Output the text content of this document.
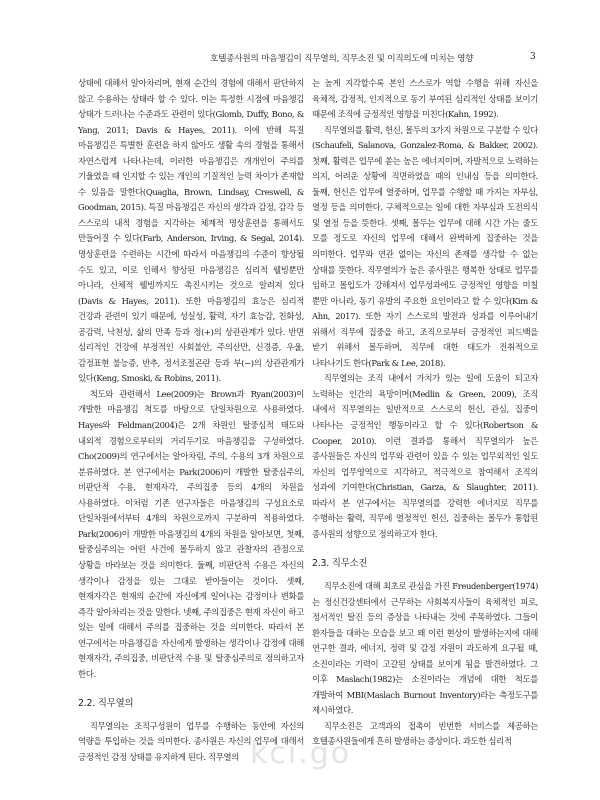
호텔종사원의 마음챙김이 직무열의, 직무소진 및 이직의도에 미치는 영향	3

상태에 대해서 알아차리며, 현재 순간의 경험에 대해서 판단하지 않고 수용하는 상태라 할 수 있다. 이는 특정한 시점에 마음챙김 상태가 드러나는 수준과도 관련이 있다(Glomb, Duffy, Bono, & Yang, 2011; Davis & Hayes, 2011). 이에 반해 특질 마음챙김은 특별한 훈련을 하지 않아도 생활 속의 경험을 통해서 자연스럽게 나타나는데, 이러한 마음챙김은 개개인이 주의를 기울였을 때 인지할 수 있는 개인의 기질적인 능력 차이가 존재할 수 있음을 말한다(Quaglia, Brown, Lindsay, Creswell, & Goodman, 2015). 특질 마음챙김은 자신의 생각과 감정, 감각 등 스스로의 내적 경험을 지각하는 체계적 명상훈련을 통해서도 만들어질 수 있다(Farb, Anderson, Irving, & Segal, 2014). 명상훈련을 수련하는 시간에 따라서 마음챙김의 수준이 향상될 수도 있고, 이로 인해서 향상된 마음챙김은 심리적 웰빙뿐만 아니라, 신체적 웰빙까지도 촉진시키는 것으로 알려져 있다(Davis & Hayes, 2011). 또한 마음챙김의 효능은 심리적 건강과 관련이 있기 때문에, 성실성, 활력, 자기 효능감, 친화성, 공감력, 낙천성, 삶의 만족 등과 정(+)의 상관관계가 있다. 반면 심리적인 건강에 부정적인 사회불안, 주의산만, 신경증, 우울, 감정표현 불능증, 반추, 정서조절곤란 등과 부(−)의 상관관계가 있다(Keng, Smoski, & Robins, 2011).

척도와 관련해서 Lee(2009)는 Brown과 Ryan(2003)이 개발한 마음챙김 척도를 바탕으로 단일차원으로 사용하였다. Hayes와 Feldman(2004)은 2개 차원인 탈중심적 태도와 내외적 경험으로부터의 거리두기로 마음챙김을 구성하였다. Cho(2009)의 연구에서는 알아차림, 주의, 수용의 3개 차원으로 분류하였다. 본 연구에서는 Park(2006)이 개발한 탈중심주의, 비판단적 수용, 현재자각, 주의집중 등의 4개의 차원을 사용하였다. 이처럼 기존 연구자들은 마음챙김의 구성요소로 단일차원에서부터 4개의 차원으로까지 구분하여 적용하였다. Park(2006)이 개발한 마음챙김의 4개의 차원을 알아보면, 첫째, 탈중심주의는 어떤 사건에 몰두하지 않고 관찰자의 관점으로 상황을 바라보는 것을 의미한다. 둘째, 비판단적 수용은 자신의 생각이나 감정을 있는 그대로 받아들이는 것이다. 셋째, 현재자각은 현재의 순간에 자신에게 일어나는 감정이나 변화를 즉각 알아차리는 것을 말한다. 넷째, 주의집중은 현재 자신이 하고 있는 일에 대해서 주의를 집중하는 것을 의미한다. 따라서 본 연구에서는 마음챙김을 자신에게 발생하는 생각이나 감정에 대해 현재자각, 주의집중, 비판단적 수용 및 탈중심주의로 정의하고자 한다.

2.2. 직무열의

직무열의는 조직구성원이 업무를 수행하는 동안에 자신의 역량을 투입하는 것을 의미한다. 종사원은 자신의 업무에 대해서 긍정적인 감정 상태를 유지하게 된다. 직무열의

는 높게 지각할수록 본인 스스로가 역할 수행을 위해 자신을 육체적, 감정적, 인지적으로 동기 부여된 심리적인 상태를 보이기 때문에 조직에 긍정적인 영향을 미친다(Kahn, 1992).

직무열의를 활력, 헌신, 몰두의 3가지 차원으로 구분할 수 있다(Schaufeli, Salanova, Gonzalez-Roma, & Bakker, 2002). 첫째, 활력은 업무에 쏟는 높은 에너지이며, 자발적으로 노력하는 의지, 어려운 상황에 직면하였을 때의 인내심 등을 의미한다. 둘째, 헌신은 업무에 열중하며, 업무를 수행할 때 가지는 자부심, 열정 등을 의미한다. 구체적으로는 일에 대한 자부심과 도전의식 및 열정 등을 뜻한다. 셋째, 몰두는 업무에 대해 시간 가는 줄도 모를 정도로 자신의 업무에 대해서 완벽하게 집중하는 것을 의미한다. 업무와 연관 없이는 자신의 존재를 생각할 수 없는 상태를 뜻한다. 직무열의가 높은 종사원은 행복한 상태로 업무를 임하고 몰입도가 강해져서 업무성과에도 긍정적인 영향을 미칠 뿐만 아니라, 동기 유발의 주요한 요인이라고 할 수 있다(Kim & Ahn, 2017). 또한 자기 스스로의 발전과 성과를 이루어내기 위해서 직무에 집중을 하고, 조직으로부터 긍정적인 피드백을 받기 위해서 몰두하며, 직무에 대한 태도가 진취적으로 나타나기도 한다(Park & Lee, 2018).

직무열의는 조직 내에서 가치가 있는 일에 도움이 되고자 노력하는 인간의 욕망이며(Medlin & Green, 2009), 조직 내에서 직무열의는 일반적으로 스스로의 헌신, 관심, 집중이 나타나는 긍정적인 행동이라고 할 수 있다(Robertson & Cooper, 2010). 이런 결과를 통해서 직무열의가 높은 종사원들은 자신의 업무와 관련이 있을 수 있는 업무외적인 일도 자신의 업무영역으로 지각하고, 적극적으로 참여해서 조직의 성과에 기여한다(Christian, Garza, & Slaughter, 2011). 따라서 본 연구에서는 직무열의를 강력한 에너지로 직무를 수행하는 활력, 직무에 열정적인 헌신, 집중하는 몰두가 통합된 종사원의 성향으로 정의하고자 한다.

2.3. 직무소진

직무소진에 대해 최초로 관심을 가진 Freudenberger(1974)는 정신건강센터에서 근무하는 사회복지사들이 육체적인 피로, 정서적인 탈진 등의 증상을 나타내는 것에 주목하였다. 그들이 환자들을 대하는 모습을 보고 왜 이런 현상이 발생하는지에 대해 연구한 결과, 에너지, 정력 및 감정 자원이 과도하게 요구될 때, 소진이라는 기력이 고갈된 상태를 보이게 됨을 발견하였다. 그 이후 Maslach(1982)는 소진이라는 개념에 대한 척도를 개발하여 MBI(Maslach Burnout Inventory)라는 측정도구를 제시하였다.

직무소진은 고객과의 접촉이 빈번한 서비스를 제공하는 호텔종사원들에게 흔히 발생하는 증상이다. 과도한 심리적

kci.go
